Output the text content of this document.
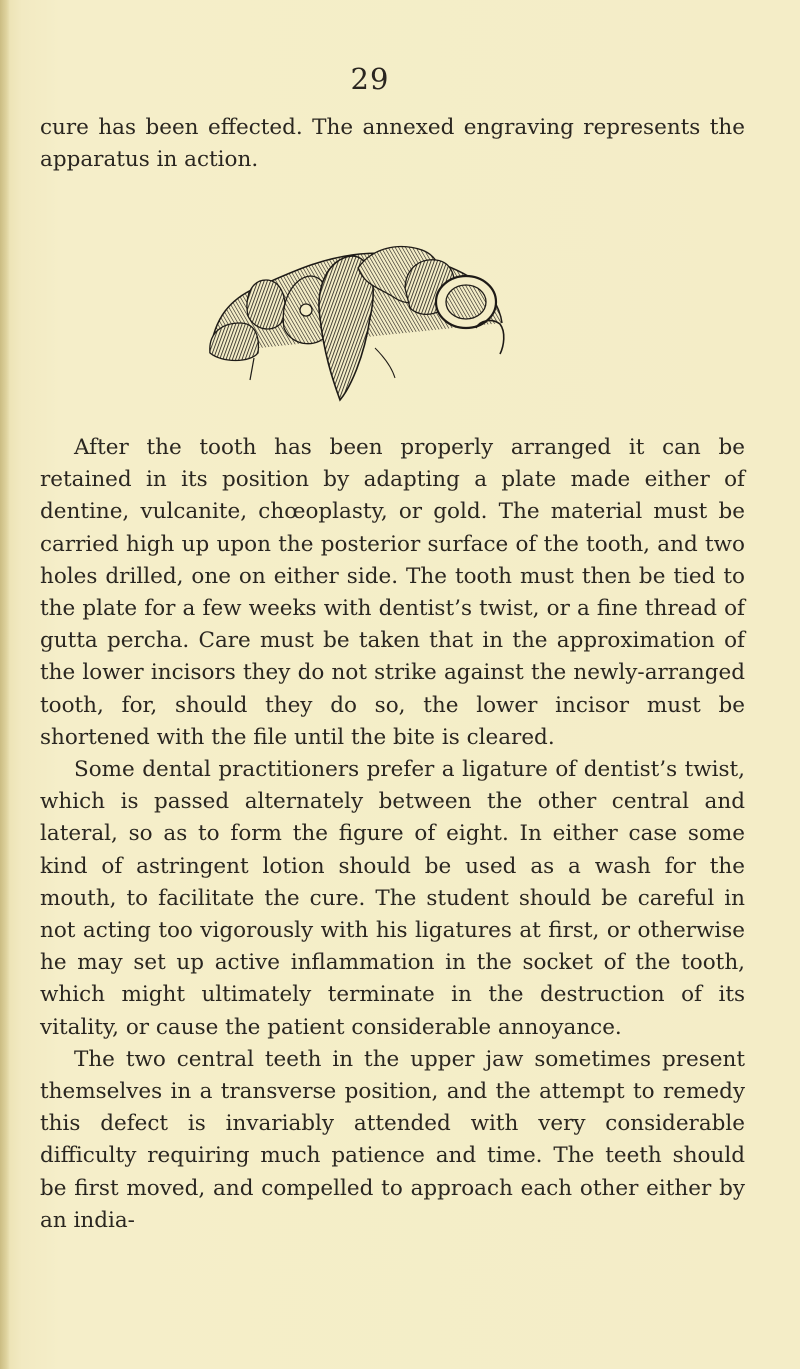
29

cure has been effected. The annexed engraving represents the apparatus in action.

After the tooth has been properly arranged it can be retained in its position by adapting a plate made either of dentine, vulcanite, chœoplasty, or gold. The material must be carried high up upon the posterior surface of the tooth, and two holes drilled, one on either side. The tooth must then be tied to the plate for a few weeks with dentist’s twist, or a fine thread of gutta percha. Care must be taken that in the approximation of the lower incisors they do not strike against the newly-arranged tooth, for, should they do so, the lower incisor must be shortened with the file until the bite is cleared.

Some dental practitioners prefer a ligature of dentist’s twist, which is passed alternately between the other central and lateral, so as to form the figure of eight. In either case some kind of astringent lotion should be used as a wash for the mouth, to facilitate the cure. The student should be careful in not acting too vigorously with his ligatures at first, or otherwise he may set up active inflammation in the socket of the tooth, which might ultimately terminate in the destruction of its vitality, or cause the patient considerable annoyance.

The two central teeth in the upper jaw sometimes present themselves in a transverse position, and the attempt to remedy this defect is invariably attended with very considerable difficulty requiring much patience and time. The teeth should be first moved, and compelled to approach each other either by an india-
